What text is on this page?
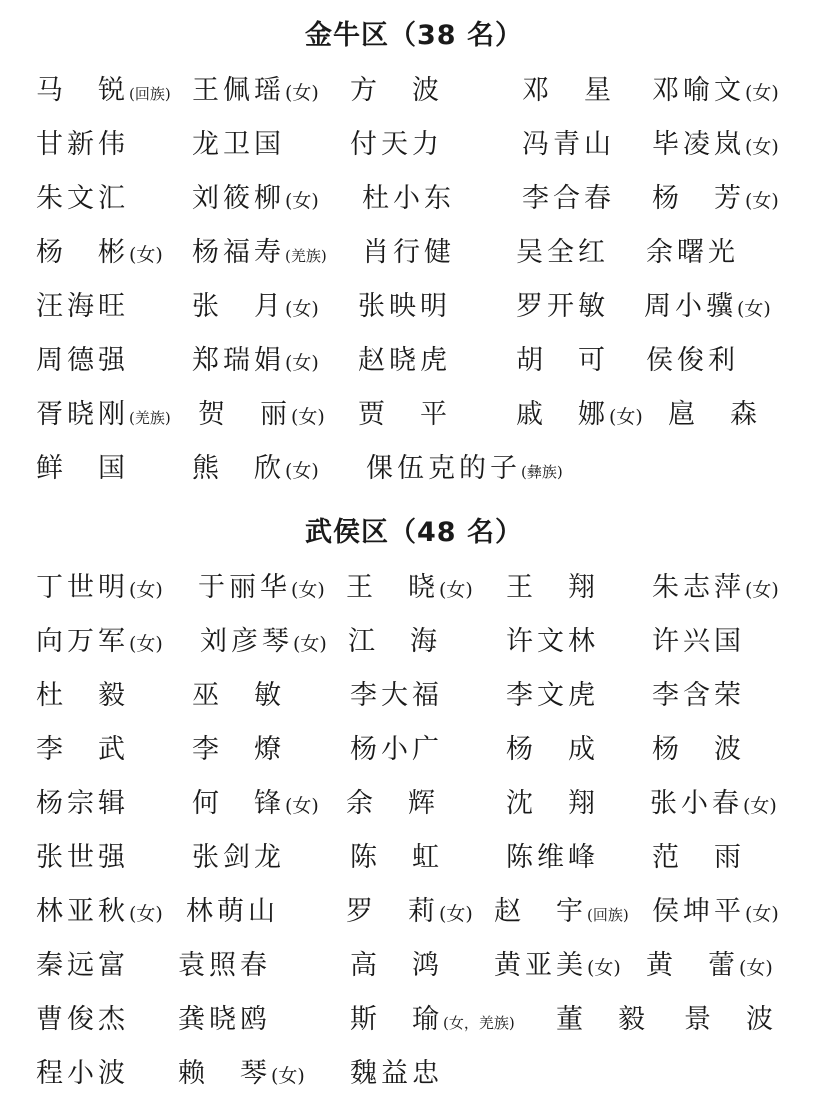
金牛区（38 名）
马　锐(回族) 王佩瑶(女) 方　波	邓　星 邓喻文(女)
甘新伟 龙卫国 付天力	冯青山 毕凌岚(女)
朱文汇 刘筱柳(女) 杜小东 李合春 杨　芳(女)
杨　彬(女) 杨福寿(羌族) 肖行健 吴全红 余曙光
汪海旺 张　月(女) 张映明 罗开敏 周小骥(女)
周德强 郑瑞娟(女) 赵晓虎 胡　可 侯俊利
胥晓刚(羌族) 贺　丽(女) 贾　平 戚　娜(女) 扈　森
鲜　国 熊　欣(女) 倮伍克的子(彝族)
武侯区（48 名）
丁世明(女) 于丽华(女) 王　晓(女) 王　翔 朱志萍(女)
向万军(女) 刘彦琴(女) 江　海 许文林 许兴国
杜　毅 巫　敏 李大福 李文虎 李含荣
李　武 李　燎 杨小广 杨　成 杨　波
杨宗辑 何　锋(女) 余　辉 沈　翔 张小春(女)
张世强 张剑龙 陈　虹 陈维峰 范　雨
林亚秋(女) 林萌山 罗　莉(女) 赵　宇(回族) 侯坤平(女)
秦远富 袁照春	高　鸿 黄亚美(女) 黄　蕾(女)
曹俊杰 龚晓鸥	斯　瑜(女，羌族) 董　毅 景　波
程小波 赖　琴(女) 魏益忠
